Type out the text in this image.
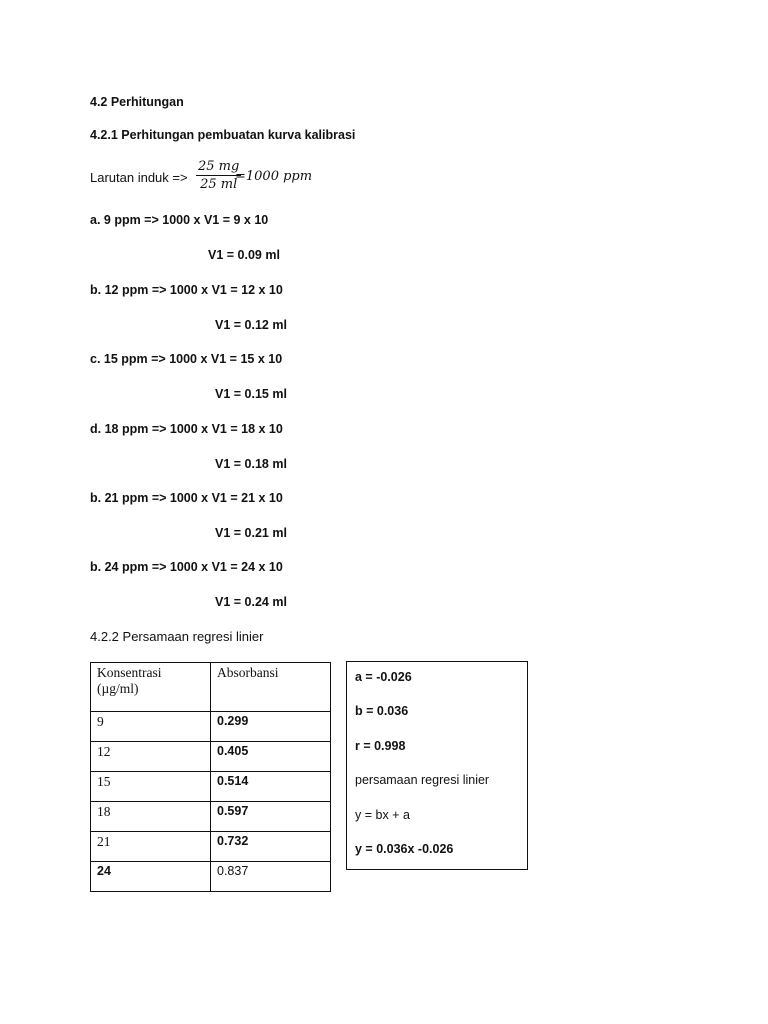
4.2 Perhitungan
4.2.1 Perhitungan pembuatan kurva kalibrasi
Larutan induk => $\frac{25 mg}{25 ml}$
=1000 ppm
a. 9 ppm => 1000 x V1 = 9 x 10
V1 = 0.09 ml
b. 12 ppm => 1000 x V1 = 12 x 10
V1 = 0.12 ml
c. 15 ppm => 1000 x V1 = 15 x 10
V1 = 0.15 ml
d. 18 ppm => 1000 x V1 = 18 x 10
V1 = 0.18 ml
b. 21 ppm => 1000 x V1 = 21 x 10
V1 = 0.21 ml
b. 24 ppm => 1000 x V1 = 24 x 10
V1 = 0.24 ml
4.2.2 Persamaan regresi linier
Konsentrasi (µg/ml)	Absorbansi
9	0.299
12	0.405
15	0.514
18	0.597
21	0.732
24	0.837
a = -0.026
b = 0.036
r = 0.998
persamaan regresi linier
y = bx + a
y = 0.036x -0.026
